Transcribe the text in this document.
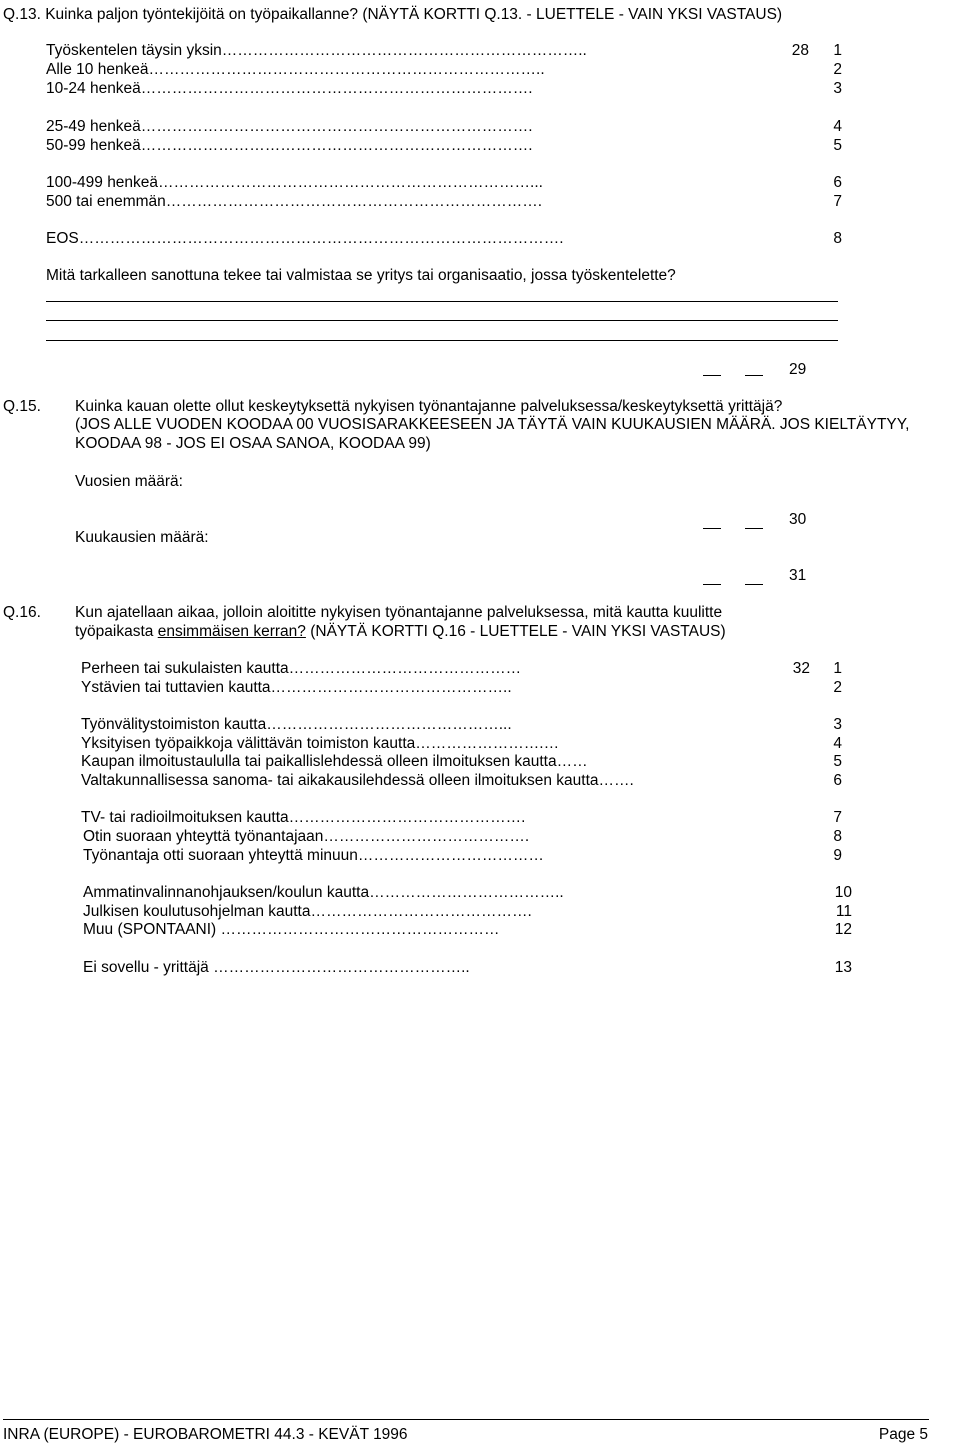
Q.13. Kuinka paljon työntekijöitä on työpaikallanne? (NÄYTÄ KORTTI Q.13. - LUETTELE - VAIN YKSI VASTAUS)
Työskentelen täysin yksin……………………………………………………………..	28	1
Alle 10 henkeä…………………………………………………………………..	2
10-24 henkeä………………………………………………………………….	3
25-49 henkeä………………………………………………………………….	4
50-99 henkeä………………………………………………………………….	5
100-499 henkeä………………………………………………………………...	6
500 tai enemmän……………………………………………………………….	7
EOS………………………………………………………………………………….	8
Mitä tarkalleen sanottuna tekee tai valmistaa se yritys tai organisaatio, jossa työskentelette?
29
Q.15. Kuinka kauan olette ollut keskeytyksettä nykyisen työnantajanne palveluksessa/keskeytyksettä yrittäjä?
(JOS ALLE VUODEN KOODAA 00 VUOSISARAKKEESEEN JA TÄYTÄ VAIN KUUKAUSIEN MÄÄRÄ. JOS KIELTÄYTYY,
KOODAA 98 - JOS EI OSAA SANOA, KOODAA 99)
Vuosien määrä:
30
Kuukausien määrä:
31
Q.16. Kun ajatellaan aikaa, jolloin aloititte nykyisen työnantajanne palveluksessa, mitä kautta kuulitte
työpaikasta ensimmäisen kerran? (NÄYTÄ KORTTI Q.16 - LUETTELE - VAIN YKSI VASTAUS)
Perheen tai sukulaisten kautta………………………………………	32	1
Ystävien tai tuttavien kautta………………………………………..	2
Työnvälitystoimiston kautta………………………………………...	3
Yksityisen työpaikkoja välittävän toimiston kautta…………………….…	4
Kaupan ilmoitustaululla tai paikallislehdessä olleen ilmoituksen kautta……	5
Valtakunnallisessa sanoma- tai aikakausilehdessä olleen ilmoituksen kautta…….	6
TV- tai radioilmoituksen kautta……………………………………….	7
Otin suoraan yhteyttä työnantajaan………………………………….	8
Työnantaja otti suoraan yhteyttä minuun………………………………	9
Ammatinvalinnanohjauksen/koulun kautta………………………………..	10
Julkisen koulutusohjelman kautta…………………………………….	11
Muu (SPONTAANI) ………………………………………………	12
Ei sovellu - yrittäjä …………………………………………..	13
INRA (EUROPE) - EUROBAROMETRI 44.3 - KEVÄT 1996	Page 5
